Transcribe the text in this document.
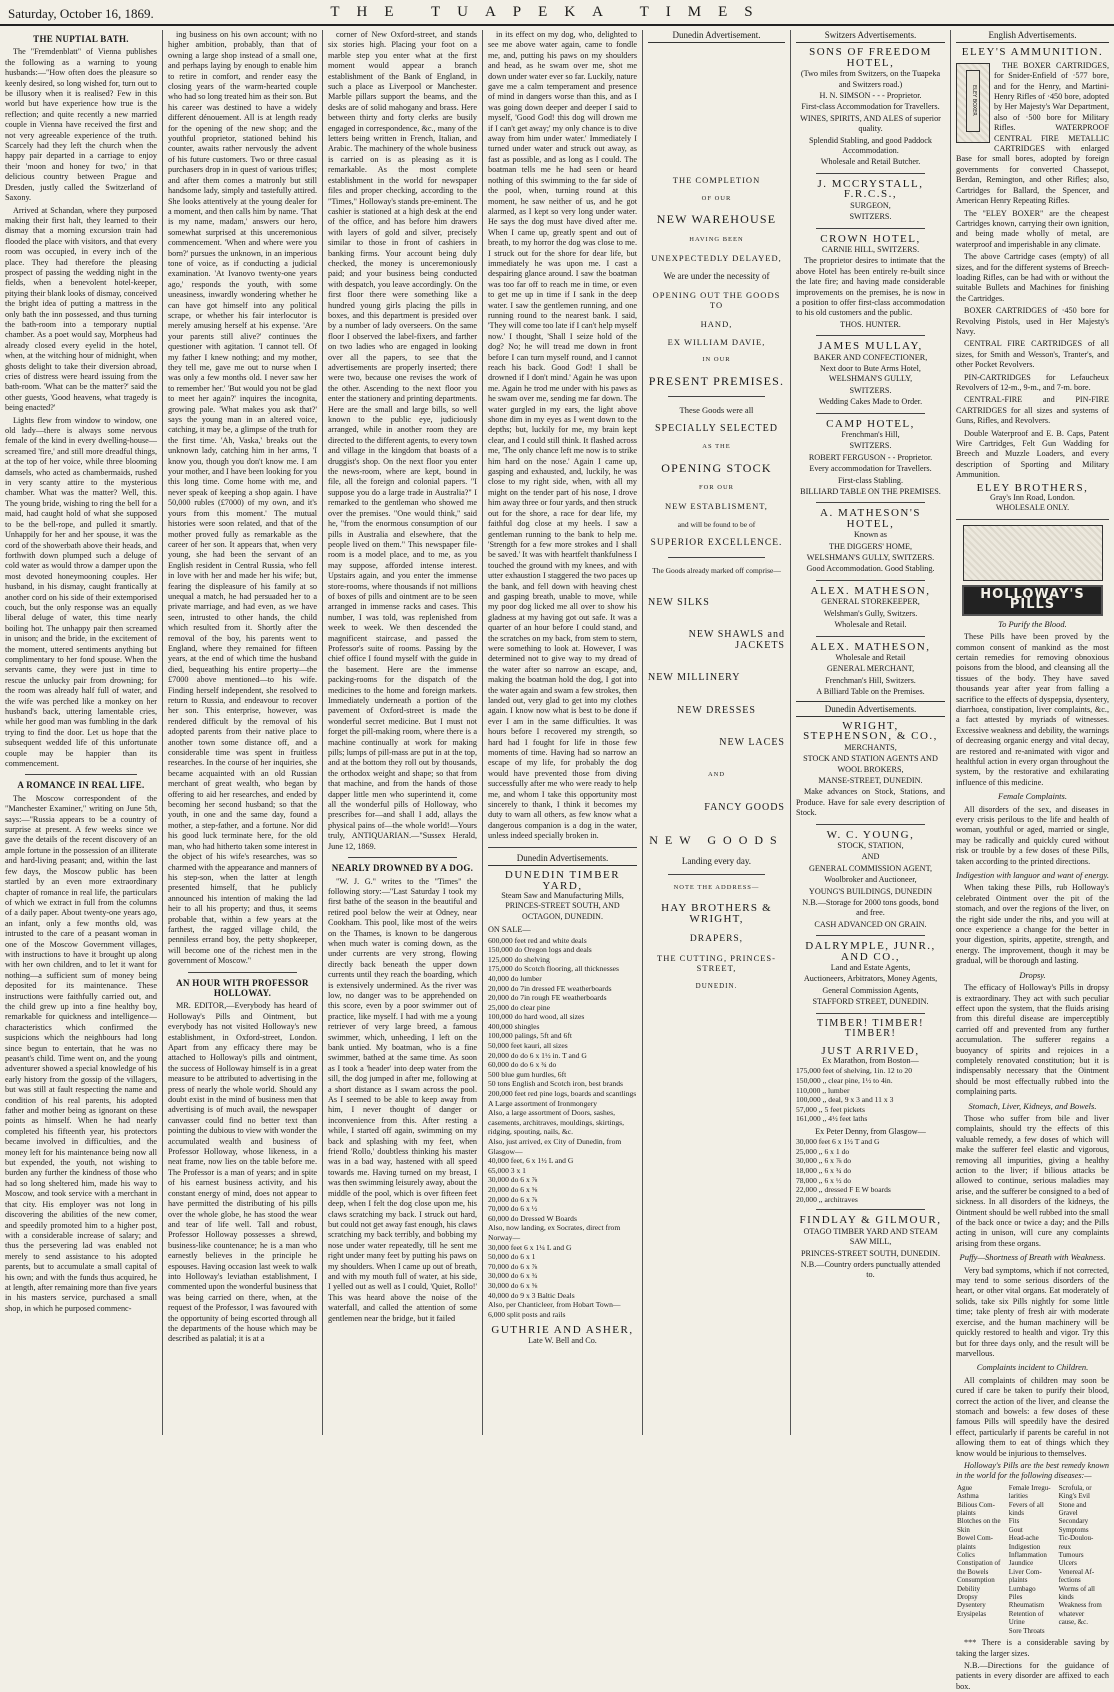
Saturday, October 16, 1869.	THE TUAPEKA TIMES
THE NUPTIAL BATH.

The "Fremdenblatt" of Vienna publishes the following as a warning to young husbands:—"How often does the pleasure so keenly desired, so long wished for, turn out to be illusory when it is realised? Few in this world but have experience how true is the reflection; and quite recently a new married couple in Vienna have received the first and not very agreeable experience of the truth. Scarcely had they left the church when the happy pair departed in a carriage to enjoy their 'moon and honey for two,' in that delicious country between Prague and Dresden, justly called the Switzerland of Saxony.

Arrived at Schandan, where they purposed making their first halt, they learned to their dismay that a morning excursion train had flooded the place with visitors, and that every room was occupied, in every inch of the place. They had therefore the pleasing prospect of passing the wedding night in the fields, when a benevolent hotel-keeper, pitying their blank looks of dismay, conceived the bright idea of putting a mattress in the only bath the inn possessed, and thus turning the bath-room into a temporary nuptial chamber. As a poet would say, Morpheus had already closed every eyelid in the hotel, when, at the witching hour of midnight, when ghosts delight to take their diversion abroad, cries of distress were heard issuing from the bath-room. 'What can be the matter?' said the other guests, 'Good heavens, what tragedy is being enacted?'

Lights flew from window to window, one old lady—there is always some nervous female of the kind in every dwelling-house—screamed 'fire,' and still more dreadful things, at the top of her voice, while three blooming damsels, who acted as chambermaids, rushed in very scanty attire to the mysterious chamber. What was the matter? Well, this. The young bride, wishing to ring the bell for a maid, had caught hold of what she supposed to be the bell-rope, and pulled it smartly. Unhappily for her and her spouse, it was the cord of the showerbath above their heads, and forthwith down plumped such a deluge of cold water as would throw a damper upon the most devoted honeymooning couples. Her husband, in his dismay, caught frantically at another cord on his side of their extemporised couch, but the only response was an equally liberal deluge of water, this time nearly boiling hot. The unhappy pair then screamed in unison; and the bride, in the excitement of the moment, uttered sentiments anything but complimentary to her fond spouse. When the servants came, they were just in time to rescue the unlucky pair from drowning; for the room was already half full of water, and the wife was perched like a monkey on her husband's back, uttering lamentable cries, while her good man was fumbling in the dark trying to find the door. Let us hope that the subsequent wedded life of this unfortunate couple may be happier than its commencement.

A ROMANCE IN REAL LIFE.

The Moscow correspondent of the "Manchester Examiner," writing on June 5th, says:—"Russia appears to be a country of surprise at present. A few weeks since we gave the details of the recent discovery of an ample fortune in the possession of an illiterate and hard-living peasant; and, within the last few days, the Moscow public has been startled by an even more extraordinary chapter of romance in real life, the particulars of which we extract in full from the columns of a daily paper. About twenty-one years ago, an infant, only a few months old, was intrusted to the care of a peasant woman in one of the Moscow Government villages, with instructions to have it brought up along with her own children, and to let it want for nothing—a sufficient sum of money being deposited for its maintenance. These instructions were faithfully carried out, and the child grew up into a fine healthy boy, remarkable for quickness and intelligence—characteristics which confirmed the suspicions which the neighbours had long since begun to entertain, that he was no peasant's child. Time went on, and the young adventurer showed a special knowledge of his early history from the gossip of the villagers, but was still at fault respecting the name and condition of his real parents, his adopted father and mother being as ignorant on these points as himself. When he had nearly completed his fifteenth year, his protectors became involved in difficulties, and the money left for his maintenance being now all but expended, the youth, not wishing to burden any further the kindness of those who had so long sheltered him, made his way to Moscow, and took service with a merchant in that city. His employer was not long in discovering the abilities of the new comer, and speedily promoted him to a higher post, with a considerable increase of salary; and thus the persevering lad was enabled not merely to send assistance to his adopted parents, but to accumulate a small capital of his own; and with the funds thus acquired, he at length, after remaining more than five years in his masters service, purchased a small shop, in which he purposed commenc-

ing business on his own account; with no higher ambition, probably, than that of owning a large shop instead of a small one, and perhaps laying by enough to enable him to retire in comfort, and render easy the closing years of the warm-hearted couple who had so long treated him as their son. But his career was destined to have a widely different dénouement. All is at length ready for the opening of the new shop; and the youthful proprietor, stationed behind his counter, awaits rather nervously the advent of his future customers. Two or three casual purchasers drop in in quest of various trifles; and after them comes a matronly but still handsome lady, simply and tastefully attired. She looks attentively at the young dealer for a moment, and then calls him by name. 'That is my name, madam,' answers our hero, somewhat surprised at this unceremonious commencement. 'When and where were you born?' pursues the unknown, in an imperious tone of voice, as if conducting a judicial examination. 'At Ivanovo twenty-one years ago,' responds the youth, with some uneasiness, inwardly wondering whether he can have got himself into any political scrape, or whether his fair interlocutor is merely amusing herself at his expense. 'Are your parents still alive?' continues the questioner with agitation. 'I cannot tell. Of my father I knew nothing; and my mother, they tell me, gave me out to nurse when I was only a few months old. I never saw her to remember her.' 'But would you not be glad to meet her again?' inquires the incognita, growing pale. 'What makes you ask that?' says the young man in an altered voice, catching, it may be, a glimpse of the truth for the first time. 'Ah, Vaska,' breaks out the unknown lady, catching him in her arms, 'I know you, though you don't know me. I am your mother, and I have been looking for you this long time. Come home with me, and never speak of keeping a shop again. I have 50,000 rubles (£7000) of my own, and it's yours from this moment.' The mutual histories were soon related, and that of the mother proved fully as remarkable as the career of her son. It appears that, when very young, she had been the servant of an English resident in Central Russia, who fell in love with her and made her his wife; but, fearing the displeasure of his family at so unequal a match, he had persuaded her to a private marriage, and had even, as we have seen, intrusted to other hands, the child which resulted from it. Shortly after the removal of the boy, his parents went to England, where they remained for fifteen years, at the end of which time the husband died, bequeathing his entire property—the £7000 above mentioned—to his wife. Finding herself independent, she resolved to return to Russia, and endeavour to recover her son. This enterprise, however, was rendered difficult by the removal of his adopted parents from their native place to another town some distance off, and a considerable time was spent in fruitless researches. In the course of her inquiries, she became acquainted with an old Russian merchant of great wealth, who began by offering to aid her researches, and ended by becoming her second husband; so that the youth, in one and the same day, found a mother, a step-father, and a fortune. Nor did his good luck terminate here, for the old man, who had hitherto taken some interest in the object of his wife's researches, was so charmed with the appearance and manners of his step-son, when the latter at length presented himself, that he publicly announced his intention of making the lad heir to all his property; and thus, it seems probable that, within a few years at the farthest, the ragged village child, the penniless errand boy, the petty shopkeeper, will become one of the richest men in the government of Moscow."

AN HOUR WITH PROFESSOR HOLLOWAY.

MR. EDITOR,—Everybody has heard of Holloway's Pills and Ointment, but everybody has not visited Holloway's new establishment, in Oxford-street, London. Apart from any efficacy there may be attached to Holloway's pills and ointment, the success of Holloway himself is in a great measure to be attributed to advertising in the press of nearly the whole world. Should any doubt exist in the mind of business men that advertising is of much avail, the newspaper canvasser could find no better text than pointing the dubious to view with wonder the accumulated wealth and business of Professor Holloway, whose likeness, in a neat frame, now lies on the table before me. The Professor is a man of years; and in spite of his earnest business activity, and his constant energy of mind, does not appear to have permitted the distributing of his pills over the whole globe, he has stood the wear and tear of life well. Tall and robust, Professor Holloway possesses a shrewd, business-like countenance; he is a man who earnestly believes in the principle he espouses. Having occasion last week to walk into Holloway's leviathan establishment, I commented upon the wonderful business that was being carried on there, when, at the request of the Professor, I was favoured with the opportunity of being escorted through all the departments of the house which may be described as palatial; it is at a

corner of New Oxford-street, and stands six stories high. Placing your foot on a marble step you enter what at the first moment would appear a branch establishment of the Bank of England, in such a place as Liverpool or Manchester. Marble pillars support the beams, and the desks are of solid mahogany and brass. Here between thirty and forty clerks are busily engaged in correspondence, &c., many of the letters being written in French, Italian, and Arabic. The machinery of the whole business is carried on is as pleasing as it is remarkable. As the most complete establishment in the world for newspaper files and proper checking, according to the "Times," Holloway's stands pre-eminent. The cashier is stationed at a high desk at the end of the office, and has before him drawers with layers of gold and silver, precisely similar to those in front of cashiers in banking firms. Your account being duly checked, the money is unceremoniously paid; and your business being conducted with despatch, you leave accordingly. On the first floor there were something like a hundred young girls placing the pills in boxes, and this department is presided over by a number of lady overseers. On the same floor I observed the label-fixers, and farther on two ladies who are engaged in looking over all the papers, to see that the advertisements are properly inserted; there were two, because one revises the work of the other. Ascending to the next floor you enter the stationery and printing departments. Here are the small and large bills, so well known to the public eye, judiciously arranged, while in another room they are directed to the different agents, to every town and village in the kingdom that boasts of a druggist's shop. On the next floor you enter the news-room, where are kept, bound in file, all the foreign and colonial papers. "I suppose you do a large trade in Australia?" I remarked to the gentleman who showed me over the premises. "One would think," said he, "from the enormous consumption of our pills in Australia and elsewhere, that the people lived on them." This newspaper file-room is a model place, and to me, as you may suppose, afforded intense interest. Upstairs again, and you enter the immense store-rooms, where thousands if not millions of boxes of pills and ointment are to be seen arranged in immense racks and cases. This number, I was told, was replenished from week to week. We then descended the magnificent staircase, and passed the Professor's suite of rooms. Passing by the chief office I found myself with the guide in the basement. Here are the immense packing-rooms for the dispatch of the medicines to the home and foreign markets. Immediately underneath a portion of the pavement of Oxford-street is made the wonderful secret medicine. But I must not forget the pill-making room, where there is a machine continually at work for making pills; lumps of pill-mass are put in at the top, and at the bottom they roll out by thousands, the orthodox weight and shape; so that from that machine, and from the hands of those dapper little men who superintend it, come all the wonderful pills of Holloway, who prescribes for—and shall I add, allays the physical pains of—the whole world!—Yours truly, ANTIQUARIAN.—"Sussex Herald, June 12, 1869.

NEARLY DROWNED BY A DOG.

"W. J. G." writes to the "Times" the following story:—"Last Saturday I took my first bathe of the season in the beautiful and retired pool below the weir at Odney, near Cookham. This pool, like most of the weirs on the Thames, is known to be dangerous when much water is coming down, as the under currents are very strong, flowing directly back beneath the upper down currents until they reach the boarding, which is extensively undermined. As the river was low, no danger was to be apprehended on this score, even by a poor swimmer out of practice, like myself. I had with me a young retriever of very large breed, a famous swimmer, which, unheeding, I left on the bank untied. My boatman, who is a fine swimmer, bathed at the same time. As soon as I took a 'header' into deep water from the sill, the dog jumped in after me, following at a short distance as I swam across the pool. As I seemed to be able to keep away from him, I never thought of danger or inconvenience from this. After resting a while, I started off again, swimming on my back and splashing with my feet, when friend 'Rollo,' doubtless thinking his master was in a bad way, hastened with all speed towards me. Having turned on my breast, I was then swimming leisurely away, about the middle of the pool, which is over fifteen feet deep, when I felt the dog close upon me, his claws scratching my back. I struck out hard, but could not get away fast enough, his claws scratching my back terribly, and bobbing my nose under water repeatedly, till he sent me right under many feet by putting his paws on my shoulders. When I came up out of breath, and with my mouth full of water, at his side, I yelled out as well as I could, 'Quiet, Rollo!' This was heard above the noise of the waterfall, and called the attention of some gentlemen near the bridge, but it failed

in its effect on my dog, who, delighted to see me above water again, came to fondle me, and, putting his paws on my shoulders and head, as he swam over me, shot me down under water ever so far. Luckily, nature gave me a calm temperament and presence of mind in dangers worse than this, and as I was going down deeper and deeper I said to myself, 'Good God! this dog will drown me if I can't get away;' my only chance is to dive away from him under water.' Immediately I turned under water and struck out away, as fast as possible, and as long as I could. The boatman tells me he had seen or heard nothing of this swimming to the far side of the pool, when, turning round at this moment, he saw neither of us, and he got alarmed, as I kept so very long under water. He says the dog must have dived after me. When I came up, greatly spent and out of breath, to my horror the dog was close to me. I struck out for the shore for dear life, but immediately he was upon me. I cast a despairing glance around. I saw the boatman was too far off to reach me in time, or even to get me up in time if I sank in the deep water. I saw the gentlemen running, and one running round to the nearest bank. I said, 'They will come too late if I can't help myself now.' I thought, 'Shall I seize hold of the dog? No; he will tread me down in front before I can turn myself round, and I cannot reach his back. Good God! I shall be drowned if I don't mind.' Again he was upon me. Again he trod me under with his paws as he swam over me, sending me far down. The water gurgled in my ears, the light above shone dim in my eyes as I went down to the depths; but, luckily for me, my brain kept clear, and I could still think. It flashed across me, 'The only chance left me now is to strike him hard on the nose.' Again I came up, gasping and exhausted, and, luckily, he was close to my right side, when, with all my might on the tender part of his nose, I drove him away three or four yards, and then struck out for the shore, a race for dear life, my faithful dog close at my heels. I saw a gentleman running to the bank to help me. 'Strength for a few more strokes and I shall be saved.' It was with heartfelt thankfulness I touched the ground with my knees, and with utter exhaustion I staggered the two paces up the bank, and fell down with heaving chest and gasping breath, unable to move, while my poor dog licked me all over to show his gladness at my having got out safe. It was a quarter of an hour before I could stand, and the scratches on my back, from stem to stern, were something to look at. However, I was determined not to give way to my dread of the water after so narrow an escape, and, making the boatman hold the dog, I got into the water again and swam a few strokes, then landed out, very glad to get into my clothes again. I know now what is best to be done if ever I am in the same difficulties. It was hours before I recovered my strength, so hard had I fought for life in those few moments of time. Having had so narrow an escape of my life, for probably the dog would have prevented those from diving successfully after me who were ready to help me, and whom I take this opportunity most sincerely to thank, I think it becomes my duty to warn all others, as few know what a dangerous companion is a dog in the water, unless indeed specially broken in.

Dunedin Advertisements.
DUNEDIN TIMBER YARD,
Steam Saw and Manufacturing Mills,
PRINCES-STREET SOUTH, AND OCTAGON, DUNEDIN.
ON SALE—
600,000 feet red and white deals
150,000 do Oregon logs and deals
125,000 do shelving
175,000 do Scotch flooring, all thicknesses
40,000 do lumber
20,000 do 7in dressed FE weatherboards
20,000 do 7in rough FE weatherboards
25,000 do clear pine
100,000 do hard wood, all sizes
400,000 shingles
100,000 palings, 5ft and 6ft
50,000 feet kauri, all sizes
20,000 do do 6 x 1½ in. T and G
60,000 do do 6 x ¾ do
500 blue gum hurdles, 6ft
50 tons English and Scotch iron, best brands
200,000 feet red pine logs, boards and scantlings
A Large assortment of Ironmongery
Also, a large assortment of Doors, sashes, casements, architraves, mouldings, skirtings, ridging, spouting, nails, &c.
Also, just arrived, ex City of Dunedin, from Glasgow—
40,000 feet, 6 x 1½ L and G
65,000 3 x 1
30,000 do 6 x ⅞
20,000 do 6 x ⅝
20,000 do 6 x ⅞
70,000 do 6 x ½
60,000 do Dressed W Boards
Also, now landing, ex Socrates, direct from Norway—
30,000 feet 6 x 1¼ L and G
50,000 do 6 x 1
70,000 do 6 x ⅞
30,000 do 6 x ¾
30,000 do 6 x ⅝
40,000 do 9 x 3 Baltic Deals
Also, per Chanticleer, from Hobart Town—
6,000 split posts and rails
GUTHRIE AND ASHER,
Late W. Bell and Co.
Dunedin Advertisement.
THE COMPLETION
OF OUR
NEW WAREHOUSE
HAVING BEEN
UNEXPECTEDLY DELAYED,
We are under the necessity of
OPENING OUT THE GOODS TO
HAND,
EX WILLIAM DAVIE,
IN OUR
PRESENT PREMISES.
These Goods were all
SPECIALLY SELECTED
AS THE
OPENING STOCK
FOR OUR
NEW ESTABLISMENT,
and will be found to be of
SUPERIOR EXCELLENCE.
The Goods already marked off comprise—
NEW SILKS
NEW SHAWLS and JACKETS
NEW MILLINERY
NEW DRESSES
NEW LACES
AND
FANCY GOODS
NEW GOODS
Landing every day.
NOTE THE ADDRESS—
HAY BROTHERS & WRIGHT,
DRAPERS,
THE CUTTING, PRINCES-STREET,
DUNEDIN.
Switzers Advertisements.
SONS OF FREEDOM HOTEL,
(Two miles from Switzers, on the Tuapeka and Switzers road.)
H. N. SIMSON - - - Proprietor.
First-class Accommodation for Travellers.
WINES, SPIRITS, AND ALES of superior quality.
Splendid Stabling, and good Paddock Accommodation.
Wholesale and Retail Butcher.
J. MCCRYSTALL, F.R.C.S.,
SURGEON,
SWITZERS.
CROWN HOTEL,
CARNIE HILL, SWITZERS.
The proprietor desires to intimate that the above Hotel has been entirely re-built since the late fire; and having made considerable improvements on the premises, he is now in a position to offer first-class accommodation to his old customers and the public.
THOS. HUNTER.
JAMES MULLAY,
BAKER AND CONFECTIONER,
Next door to Bute Arms Hotel, WELSHMAN'S GULLY,
SWITZERS.
Wedding Cakes Made to Order.
CAMP HOTEL,
Frenchman's Hill,
SWITZERS.
ROBERT FERGUSON - - Proprietor.
Every accommodation for Travellers.
First-class Stabling.
BILLIARD TABLE ON THE PREMISES.
A. MATHESON'S HOTEL,
Known as
THE DIGGERS' HOME,
WELSHMAN'S GULLY, SWITZERS.
Good Accommodation. Good Stabling.
ALEX. MATHESON,
GENERAL STOREKEEPER,
Welshman's Gully, Switzers.
Wholesale and Retail.
ALEX. MATHESON,
Wholesale and Retail
GENERAL MERCHANT,
Frenchman's Hill, Switzers.
A Billiard Table on the Premises.
Dunedin Advertisements.
WRIGHT, STEPHENSON, & CO.,
MERCHANTS,
STOCK AND STATION AGENTS AND WOOL BROKERS,
MANSE-STREET, DUNEDIN.
Make advances on Stock, Stations, and Produce. Have for sale every description of Stock.
W. C. YOUNG,
STOCK, STATION,
AND
GENERAL COMMISSION AGENT,
Woolbroker and Auctioneer,
YOUNG'S BUILDINGS, DUNEDIN
N.B.—Storage for 2000 tons goods, bond and free.
CASH ADVANCED ON GRAIN.
DALRYMPLE, JUNR., AND CO.,
Land and Estate Agents,
Auctioneers, Arbitrators, Money Agents,
General Commission Agents,
STAFFORD STREET, DUNEDIN.
TIMBER! TIMBER! TIMBER!
JUST ARRIVED,
Ex Marathon, from Boston—
175,000 feet of shelving, 1in. 12 to 20
150,000 ,, clear pine, 1½ to 4in.
110,000 ,, lumber
100,000 ,, deal, 9 x 3 and 11 x 3
57,000 ,, 5 feet pickets
161,000 ,, 4½ feet laths
Ex Peter Denny, from Glasgow—
30,000 feet 6 x 1½ T and G
25,000 ,, 6 x 1 do
30,000 ,, 6 x ⅞ do
18,000 ,, 6 x ¾ do
78,000 ,, 6 x ½ do
22,000 ,, dressed F E W boards
20,000 ,, architraves
FINDLAY & GILMOUR,
OTAGO TIMBER YARD AND STEAM SAW MILL,
PRINCES-STREET SOUTH, DUNEDIN.
N.B.—Country orders punctually attended to.
English Advertisements.
ELEY'S AMMUNITION.
ELEY BOXER

THE BOXER CARTRIDGES, for Snider-Enfield of ·577 bore, and for the Henry, and Martini-Henry Rifles of ·450 bore, adopted by Her Majesty's War Department, also of ·500 bore for Military Rifles. WATERPROOF CENTRAL FIRE METALLIC CARTRIDGES with enlarged Base for small bores, adopted by foreign governments for converted Chassepot, Berdan, Remington, and other Rifles; also, Cartridges for Ballard, the Spencer, and American Henry Repeating Rifles.

The "ELEY BOXER" are the cheapest Cartridges known, carrying their own ignition, and being made wholly of metal, are waterproof and imperishable in any climate.

The above Cartridge cases (empty) of all sizes, and for the different systems of Breech-loading Rifles, can be had with or without the suitable Bullets and Machines for finishing the Cartridges.

BOXER CARTRIDGES of ·450 bore for Revolving Pistols, used in Her Majesty's Navy.

CENTRAL FIRE CARTRIDGES of all sizes, for Smith and Wesson's, Tranter's, and other Pocket Revolvers.

PIN-CARTRIDGES for Lefaucheux Revolvers of 12-m., 9-m., and 7-m. bore.

CENTRAL-FIRE and PIN-FIRE CARTRIDGES for all sizes and systems of Guns, Rifles, and Revolvers.

Double Waterproof and E. B. Caps, Patent Wire Cartridges, Felt Gun Wadding for Breech and Muzzle Loaders, and every description of Sporting and Military Ammunition.

ELEY BROTHERS,
Gray's Inn Road, London.
WHOLESALE ONLY.
HOLLOWAY'S PILLS
To Purify the Blood.

These Pills have been proved by the common consent of mankind as the most certain remedies for removing obnoxious poisons from the blood, and cleansing all the tissues of the body. They have saved thousands year after year from falling a sacrifice to the effects of dyspepsia, dysentery, diarrhoea, constipation, liver complaints, &c., a fact attested by myriads of witnesses. Excessive weakness and debility, the warnings of decreasing organic energy and vital decay, are restored and re-animated with vigor and healthful action in every organ throughout the system, by the restorative and exhilarating influence of this medicine.

Female Complaints.

All disorders of the sex, and diseases in every crisis perilous to the life and health of woman, youthful or aged, married or single, may be radically and quickly cured without risk or trouble by a few doses of these Pills, taken according to the printed directions.

Indigestion with languor and want of energy.

When taking these Pills, rub Holloway's celebrated Ointment over the pit of the stomach, and over the regions of the liver, on the right side under the ribs, and you will at once experience a change for the better in your digestion, spirits, appetite, strength, and energy. The improvement, though it may be gradual, will be thorough and lasting.

Dropsy.

The efficacy of Holloway's Pills in dropsy is extraordinary. They act with such peculiar effect upon the system, that the fluids arising from this direful disease are imperceptibly carried off and prevented from any further accumulation. The sufferer regains a buoyancy of spirits and rejoices in a completely renovated constitution; but it is indispensably necessary that the Ointment should be most effectually rubbed into the complaining parts.

Stomach, Liver, Kidneys, and Bowels.

Those who suffer from bile and liver complaints, should try the effects of this valuable remedy, a few doses of which will make the sufferer feel elastic and vigorous, removing all impurities, giving a healthy action to the liver; if bilious attacks be allowed to continue, serious maladies may arise, and the sufferer be consigned to a bed of sickness. In all disorders of the kidneys, the Ointment should be well rubbed into the small of the back once or twice a day; and the Pills acting in unison, will cure any complaints arising from these organs.

Puffy—Shortness of Breath with Weakness.

Very bad symptoms, which if not corrected, may tend to some serious disorders of the heart, or other vital organs. Eat moderately of solids, take six Pills nightly for some little time; take plenty of fresh air with moderate exercise, and the human machinery will be quickly restored to health and vigor. Try this but for three days only, and the result will be marvellous.

Complaints incident to Children.

All complaints of children may soon be cured if care be taken to purify their blood, correct the action of the liver, and cleanse the stomach and bowels: a few doses of these famous Pills will speedily have the desired effect, particularly if parents be careful in not allowing them to eat of things which they know would be injurious to themselves.

Holloway's Pills are the best remedy known in the world for the following diseases:—

Ague	Female Irregu-	Scrofula, or
Asthma	larities	King's Evil
Bilious Com-	Fevers of all	Stone and
plaints	kinds	Gravel
Blotches on the	Fits	Secondary
Skin	Gout	Symptoms
Bowel Com-	Head-ache	Tic-Doulou-
plaints	Indigestion	reux
Colics	Inflammation	Tumours
Constipation of	Jaundice	Ulcers
the Bowels	Liver Com-	Venereal Af-
Consumption	plaints	fections
Debility	Lumbago	Worms of all
Dropsy	Piles	kinds
Dysentery	Rheumatism	Weakness from
Erysipelas	Retention of	whatever
	Urine	cause, &c.
	Sore Throats	

*** There is a considerable saving by taking the larger sizes.

N.B.—Directions for the guidance of patients in every disorder are affixed to each box.
